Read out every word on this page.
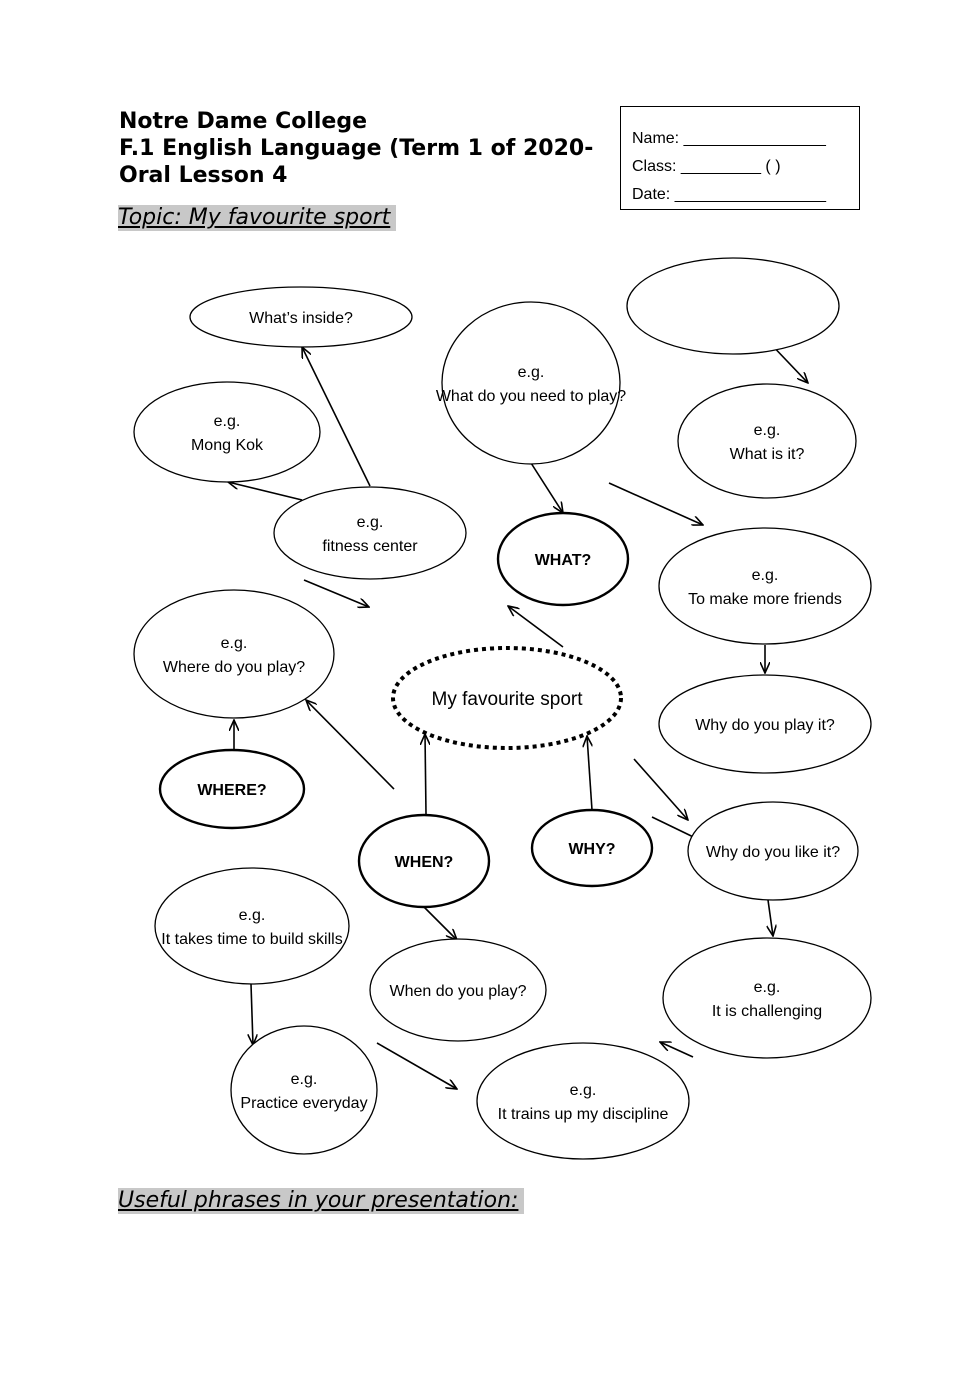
Notre Dame College
F.1 English Language (Term 1 of 2020-
Oral Lesson 4
Name: ________________
Class: _________ ( )
Date: _________________
Topic: My favourite sport
What’s inside?
e.g.
What do you need to play?
e.g.
Mong Kok
e.g.
What is it?
e.g.
fitness center
WHAT?
e.g.
To make more friends
e.g.
Where do you play?
Why do you play it?
WHERE?
WHEN?
WHY?	Why do you like it?
e.g.
It takes time to build skills
When do you play?	e.g.
It is challenging
e.g.
Practice everyday
e.g.
It trains up my discipline
My favourite sport
Useful phrases in your presentation:
